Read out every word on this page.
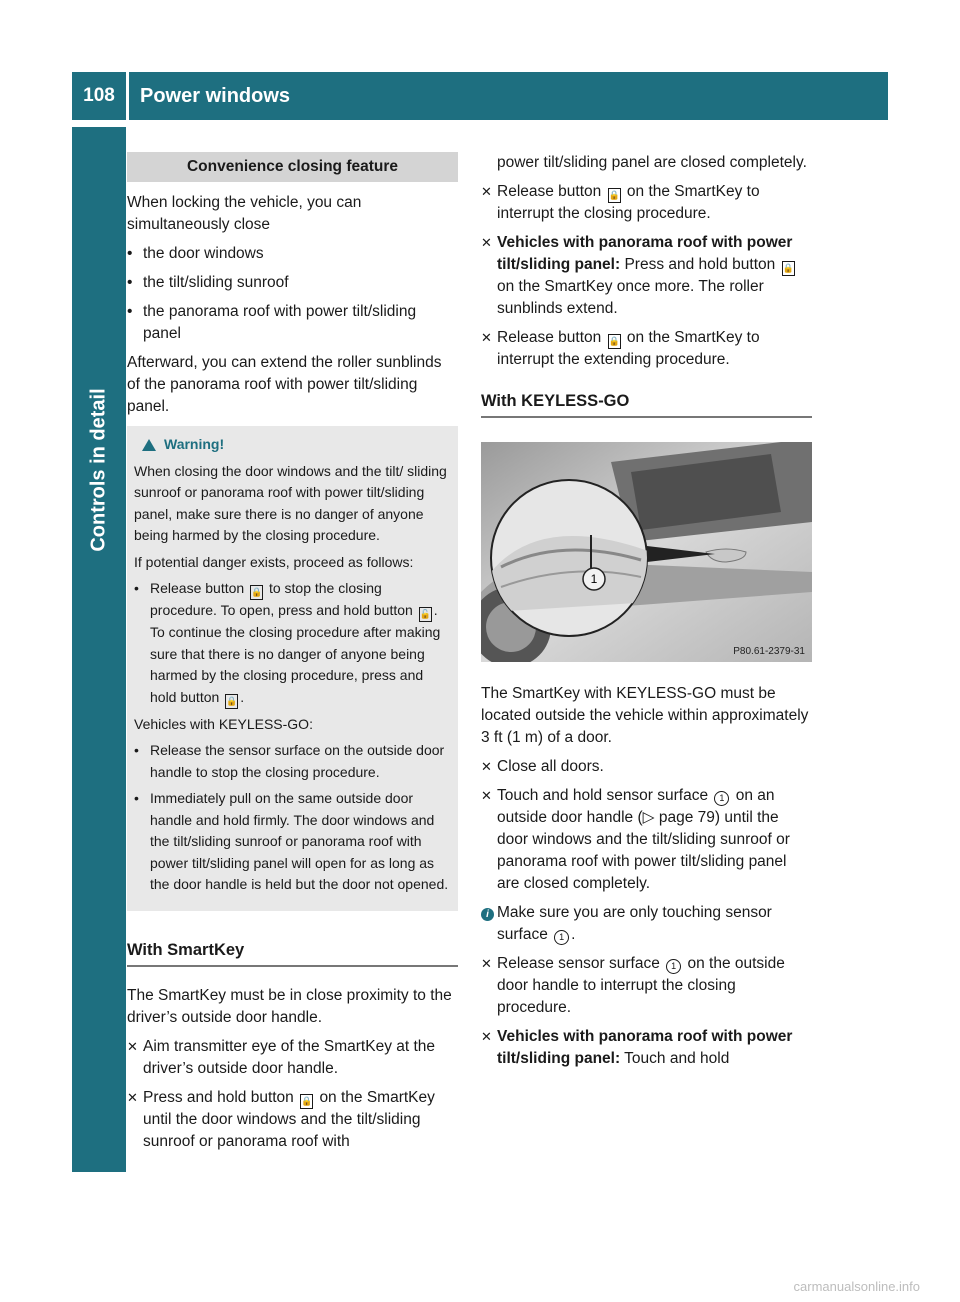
108	Power windows
Controls in detail
Convenience closing feature

When locking the vehicle, you can simultaneously close

• the door windows
• the tilt/sliding sunroof
• the panorama roof with power tilt/sliding panel

Afterward, you can extend the roller sunblinds of the panorama roof with power tilt/sliding panel.

Warning!

When closing the door windows and the tilt/ sliding sunroof or panorama roof with power tilt/sliding panel, make sure there is no danger of anyone being harmed by the closing procedure.

If potential danger exists, proceed as follows:

• Release button 🔒 to stop the closing procedure. To open, press and hold button 🔓 . To continue the closing procedure after making sure that there is no danger of anyone being harmed by the closing procedure, press and hold button 🔒 .

Vehicles with KEYLESS-GO:

• Release the sensor surface on the outside door handle to stop the closing procedure.
• Immediately pull on the same outside door handle and hold firmly. The door windows and the tilt/sliding sunroof or panorama roof with power tilt/sliding panel will open for as long as the door handle is held but the door not opened.
With SmartKey

The SmartKey must be in close proximity to the driver’s outside door handle.

✕ Aim transmitter eye of the SmartKey at the driver’s outside door handle.
✕ Press and hold button 🔒 on the SmartKey until the door windows and the tilt/sliding sunroof or panorama roof with
power tilt/sliding panel are closed completely.
✕ Release button 🔒 on the SmartKey to interrupt the closing procedure.
✕ Vehicles with panorama roof with power tilt/sliding panel: Press and hold button 🔒 on the SmartKey once more. The roller sunblinds extend.
✕ Release button 🔒 on the SmartKey to interrupt the extending procedure.
With KEYLESS-GO
1
P80.61-2379-31

The SmartKey with KEYLESS-GO must be located outside the vehicle within approximately 3 ft (1 m) of a door.

✕ Close all doors.
✕ Touch and hold sensor surface 1 on an outside door handle (▷ page 79) until the door windows and the tilt/sliding sunroof or panorama roof with power tilt/sliding panel are closed completely.
i Make sure you are only touching sensor surface 1 .
✕ Release sensor surface 1 on the outside door handle to interrupt the closing procedure.
✕ Vehicles with panorama roof with power tilt/sliding panel: Touch and hold
carmanualsonline.info
